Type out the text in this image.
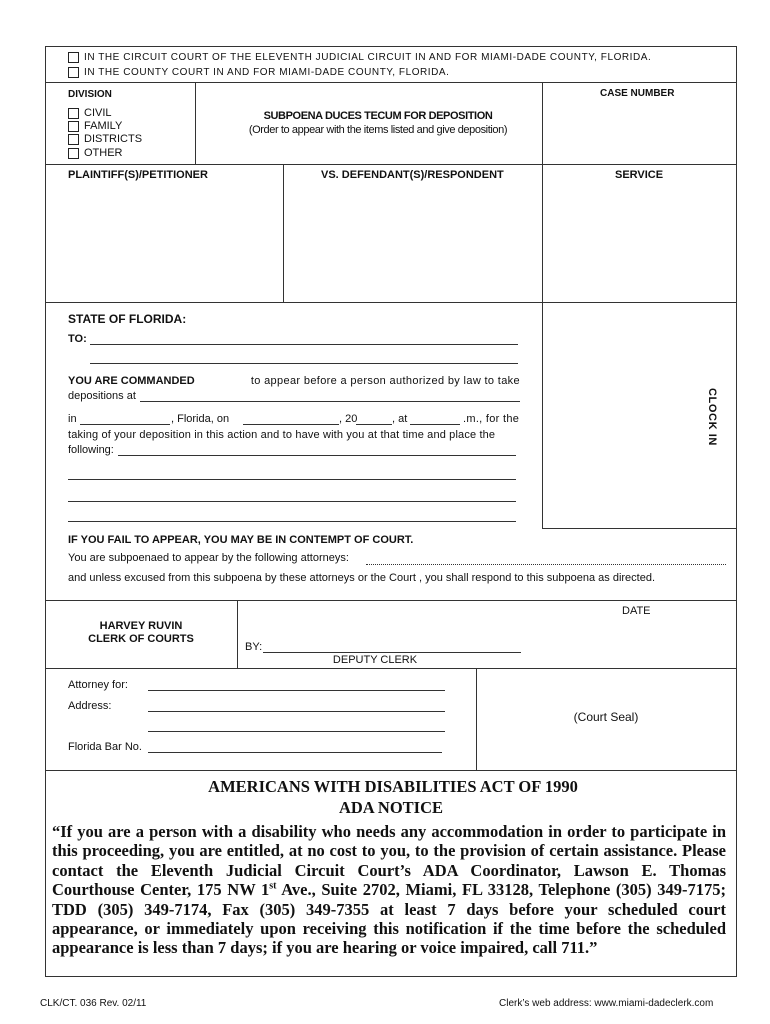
IN THE CIRCUIT COURT OF THE ELEVENTH JUDICIAL CIRCUIT IN AND FOR MIAMI-DADE COUNTY, FLORIDA.
IN THE COUNTY COURT IN AND FOR MIAMI-DADE COUNTY, FLORIDA.
DIVISION
CIVIL
FAMILY
DISTRICTS
OTHER
SUBPOENA DUCES TECUM FOR DEPOSITION
(Order to appear with the items listed and give deposition)
CASE NUMBER
PLAINTIFF(S)/PETITIONER	VS. DEFENDANT(S)/RESPONDENT	SERVICE
STATE OF FLORIDA:
TO:
YOU ARE COMMANDED	to appear before a person authorized by law to take
depositions at
in	, Florida, on	, 20	, at	.m., for the
taking of your deposition in this action and to have with you at that time and place the
following:
CLOCK IN
IF YOU FAIL TO APPEAR, YOU MAY BE IN CONTEMPT OF COURT.
You are subpoenaed to appear by the following attorneys:
and unless excused from this subpoena by these attorneys or the Court , you shall respond to this subpoena as directed.
HARVEY RUVIN
CLERK OF COURTS
BY:
DEPUTY CLERK
DATE
Attorney for:
Address:
Florida Bar No.
(Court Seal)
AMERICANS WITH DISABILITIES ACT OF 1990
ADA NOTICE

“If you are a person with a disability who needs any accommodation in order to participate in this proceeding, you are entitled, at no cost to you, to the provision of certain assistance. Please contact the Eleventh Judicial Circuit Court’s ADA Coordinator, Lawson E. Thomas Courthouse Center, 175 NW 1st Ave., Suite 2702, Miami, FL 33128, Telephone (305) 349-7175; TDD (305) 349-7174, Fax (305) 349-7355 at least 7 days before your scheduled court appearance, or immediately upon receiving this notification if the time before the scheduled appearance is less than 7 days; if you are hearing or voice impaired, call 711.”

CLK/CT. 036 Rev. 02/11	Clerk’s web address: www.miami-dadeclerk.com
